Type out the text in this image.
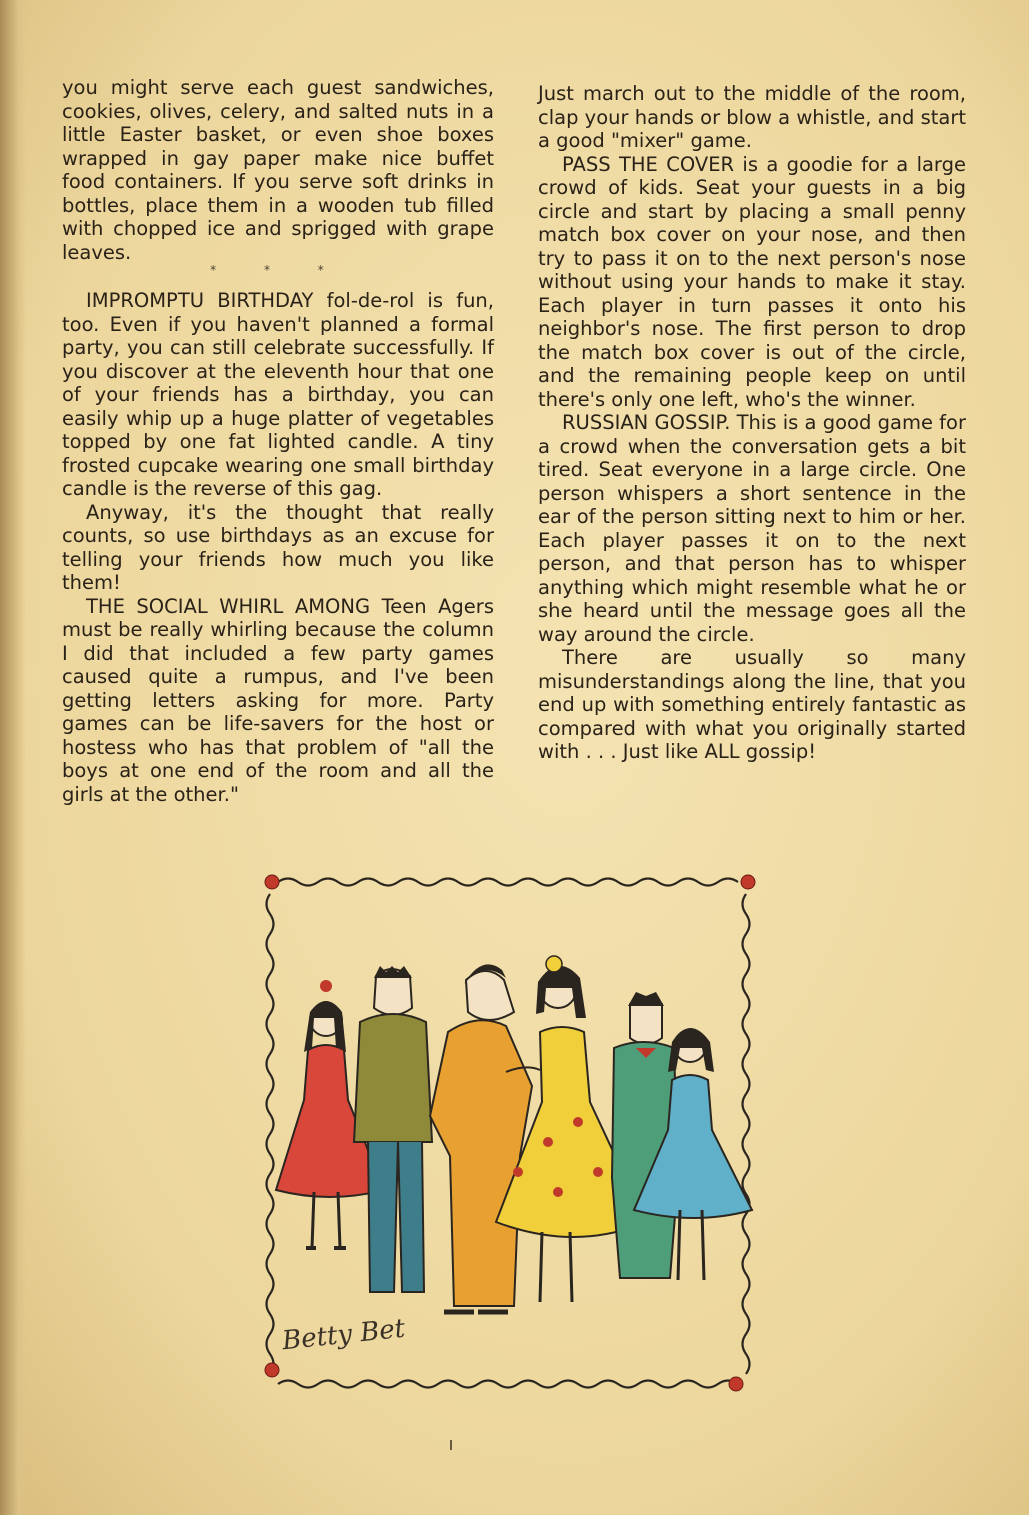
you might serve each guest sandwiches, cookies, olives, celery, and salted nuts in a little Easter basket, or even shoe boxes wrapped in gay paper make nice buffet food containers. If you serve soft drinks in bottles, place them in a wooden tub filled with chopped ice and sprigged with grape leaves.

* * *

IMPROMPTU BIRTHDAY fol-de-rol is fun, too. Even if you haven't planned a formal party, you can still celebrate successfully. If you discover at the eleventh hour that one of your friends has a birthday, you can easily whip up a huge platter of vegetables topped by one fat lighted candle. A tiny frosted cupcake wearing one small birthday candle is the reverse of this gag.

Anyway, it's the thought that really counts, so use birthdays as an excuse for telling your friends how much you like them!

THE SOCIAL WHIRL AMONG Teen Agers must be really whirling because the column I did that included a few party games caused quite a rumpus, and I've been getting letters asking for more. Party games can be life-savers for the host or hostess who has that problem of "all the boys at one end of the room and all the girls at the other."

Just march out to the middle of the room, clap your hands or blow a whistle, and start a good "mixer" game.

PASS THE COVER is a goodie for a large crowd of kids. Seat your guests in a big circle and start by placing a small penny match box cover on your nose, and then try to pass it on to the next person's nose without using your hands to make it stay. Each player in turn passes it onto his neighbor's nose. The first person to drop the match box cover is out of the circle, and the remaining people keep on until there's only one left, who's the winner.

RUSSIAN GOSSIP. This is a good game for a crowd when the conversation gets a bit tired. Seat everyone in a large circle. One person whispers a short sentence in the ear of the person sitting next to him or her. Each player passes it on to the next person, and that person has to whisper anything which might resemble what he or she heard until the message goes all the way around the circle.

There are usually so many misunderstandings along the line, that you end up with something entirely fantastic as compared with what you originally started with . . . Just like ALL gossip!

Betty Bet
